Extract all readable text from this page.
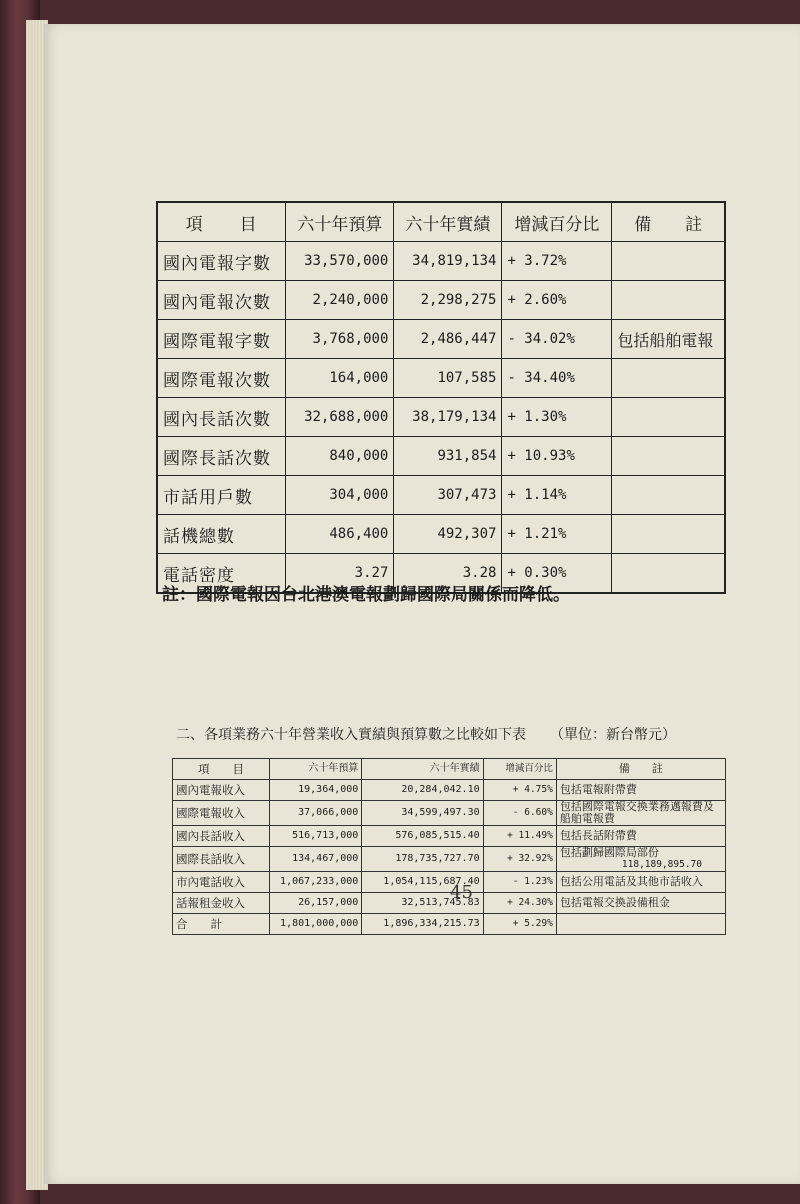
項　　目	六十年預算	六十年實績	增減百分比	備　　註
國內電報字數	33,570,000	34,819,134	+ 3.72%	
國內電報次數	2,240,000	2,298,275	+ 2.60%	
國際電報字數	3,768,000	2,486,447	- 34.02%	包括船舶電報
國際電報次數	164,000	107,585	- 34.40%	
國內長話次數	32,688,000	38,179,134	+ 1.30%	
國際長話次數	840,000	931,854	+ 10.93%	
市話用戶數	304,000	307,473	+ 1.14%	
話機總數	486,400	492,307	+ 1.21%	
電話密度	3.27	3.28	+ 0.30%	
註：國際電報因台北港澳電報劃歸國際局關係而降低。
二、各項業務六十年營業收入實績與預算數之比較如下表 （單位：新台幣元）
項　　目	六十年預算	六十年實績	增減百分比	備　　註
國內電報收入	19,364,000	20,284,042.10	+ 4.75%	包括電報附帶費
國際電報收入	37,066,000	34,599,497.30	- 6.60%	包括國際電報交換業務邁報費及船舶電報費
國內長話收入	516,713,000	576,085,515.40	+ 11.49%	包括長話附帶費
國際長話收入	134,467,000	178,735,727.70	+ 32.92%	包括劃歸國際局部份
118,189,895.70

市內電話收入	1,067,233,000	1,054,115,687.40	- 1.23%	包括公用電話及其他市話收入
話報租金收入	26,157,000	32,513,745.83	+ 24.30%	包括電報交換設備租金
合　　計	1,801,000,000	1,896,334,215.73	+ 5.29%	
45
